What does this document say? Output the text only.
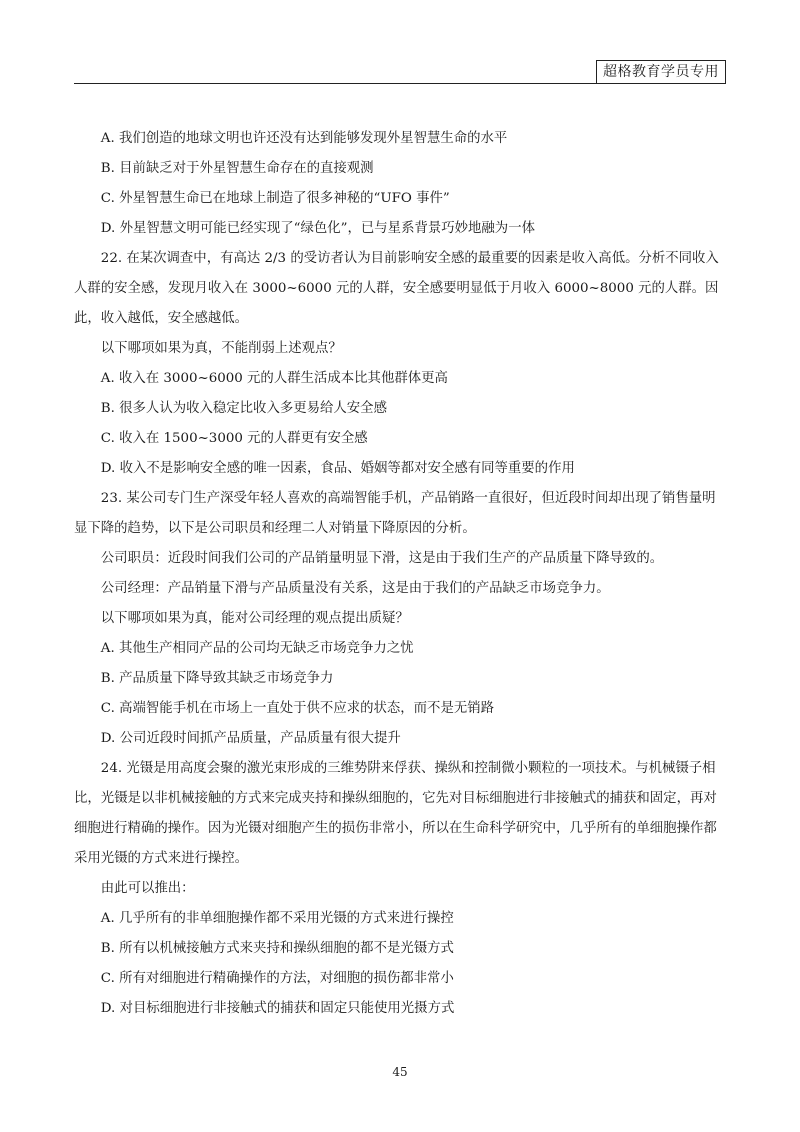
超格教育学员专用

A. 我们创造的地球文明也许还没有达到能够发现外星智慧生命的水平

B. 目前缺乏对于外星智慧生命存在的直接观测

C. 外星智慧生命已在地球上制造了很多神秘的“UFO 事件”

D. 外星智慧文明可能已经实现了“绿色化”，已与星系背景巧妙地融为一体

22. 在某次调查中，有高达 2/3 的受访者认为目前影响安全感的最重要的因素是收入高低。分析不同收入人群的安全感，发现月收入在 3000~6000 元的人群，安全感要明显低于月收入 6000~8000 元的人群。因此，收入越低，安全感越低。

以下哪项如果为真，不能削弱上述观点？

A. 收入在 3000~6000 元的人群生活成本比其他群体更高

B. 很多人认为收入稳定比收入多更易给人安全感

C. 收入在 1500~3000 元的人群更有安全感

D. 收入不是影响安全感的唯一因素，食品、婚姻等都对安全感有同等重要的作用

23. 某公司专门生产深受年轻人喜欢的高端智能手机，产品销路一直很好，但近段时间却出现了销售量明显下降的趋势，以下是公司职员和经理二人对销量下降原因的分析。

公司职员：近段时间我们公司的产品销量明显下滑，这是由于我们生产的产品质量下降导致的。

公司经理：产品销量下滑与产品质量没有关系，这是由于我们的产品缺乏市场竞争力。

以下哪项如果为真，能对公司经理的观点提出质疑？

A. 其他生产相同产品的公司均无缺乏市场竞争力之忧

B. 产品质量下降导致其缺乏市场竞争力

C. 高端智能手机在市场上一直处于供不应求的状态，而不是无销路

D. 公司近段时间抓产品质量，产品质量有很大提升

24. 光镊是用高度会聚的激光束形成的三维势阱来俘获、操纵和控制微小颗粒的一项技术。与机械镊子相比，光镊是以非机械接触的方式来完成夹持和操纵细胞的，它先对目标细胞进行非接触式的捕获和固定，再对细胞进行精确的操作。因为光镊对细胞产生的损伤非常小，所以在生命科学研究中，几乎所有的单细胞操作都采用光镊的方式来进行操控。

由此可以推出：

A. 几乎所有的非单细胞操作都不采用光镊的方式来进行操控

B. 所有以机械接触方式来夹持和操纵细胞的都不是光镊方式

C. 所有对细胞进行精确操作的方法，对细胞的损伤都非常小

D. 对目标细胞进行非接触式的捕获和固定只能使用光摄方式

45
